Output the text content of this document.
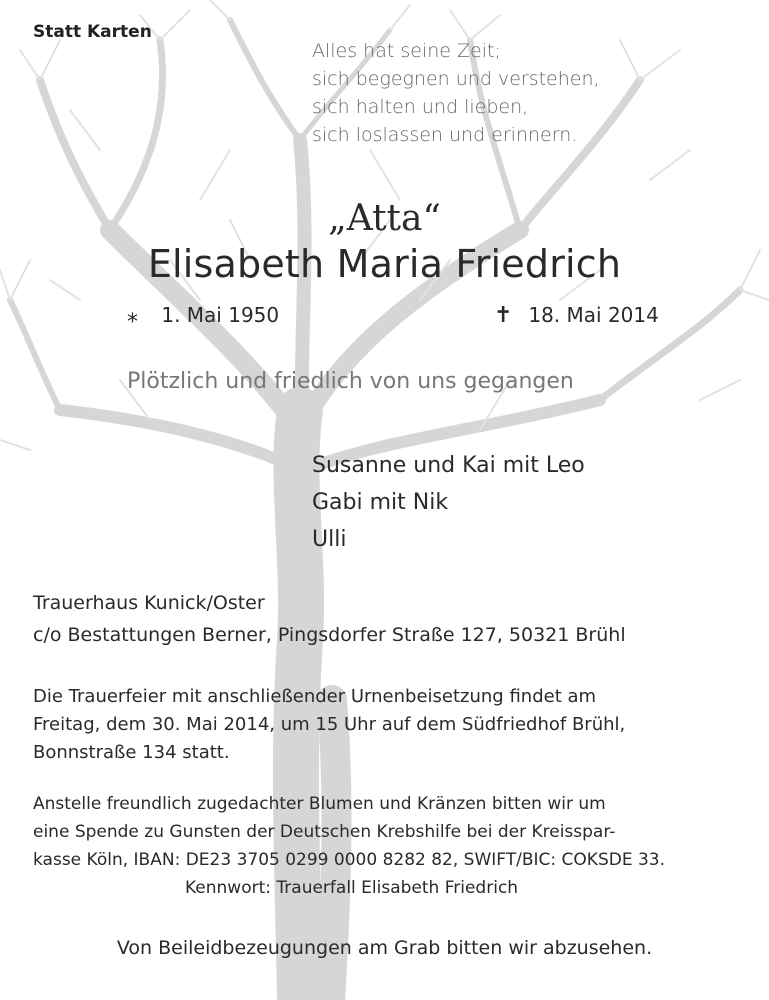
Statt Karten
Alles hat seine Zeit;
sich begegnen und verstehen,
sich halten und lieben,
sich loslassen und erinnern.
„Atta“
Elisabeth Maria Friedrich
⁎ 1. Mai 1950	✝ 18. Mai 2014
Plötzlich und friedlich von uns gegangen
Susanne und Kai mit Leo
Gabi mit Nik
Ulli
Trauerhaus Kunick/Oster
c/o Bestattungen Berner, Pingsdorfer Straße 127, 50321 Brühl
Die Trauerfeier mit anschließender Urnenbeisetzung findet am
Freitag, dem 30. Mai 2014, um 15 Uhr auf dem Südfriedhof Brühl,
Bonnstraße 134 statt.
Anstelle freundlich zugedachter Blumen und Kränzen bitten wir um
eine Spende zu Gunsten der Deutschen Krebshilfe bei der Kreisspar-
kasse Köln, IBAN: DE23 3705 0299 0000 8282 82, SWIFT/BIC: COKSDE 33.
Kennwort: Trauerfall Elisabeth Friedrich
Von Beileidbezeugungen am Grab bitten wir abzusehen.
